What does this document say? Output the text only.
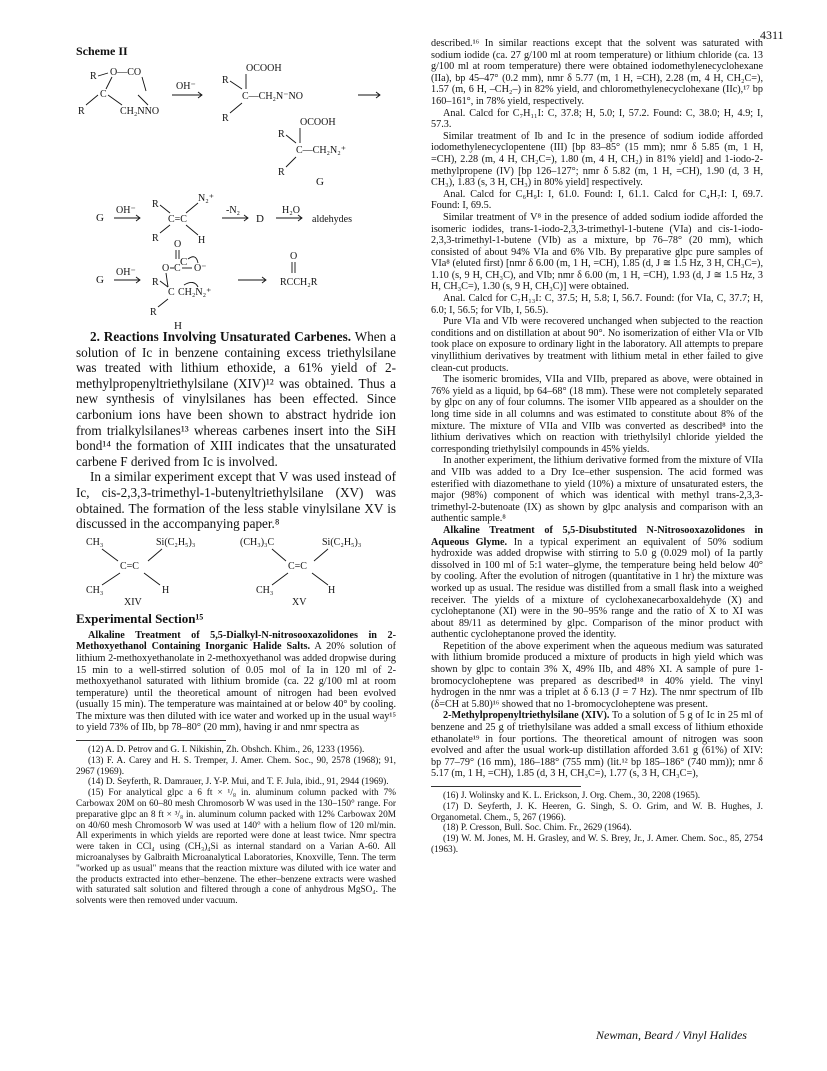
4311
Scheme II
R O—CO
C
R	CH₂NNO
OH⁻
OCOOH
R
C—CH₂N⁻NO
R	OCOOH
R
C—CH₂N₂⁺
R
G
G
OH⁻
R
C=C
N₂⁺
R	H
C
-N₂
D
H₂O
aldehydes
G
OH⁻
O
O C O⁻
R
C CH₂N₂⁺
R
H
O
RCCH₂R

2. Reactions Involving Unsaturated Carbenes. When a solution of Ic in benzene containing excess triethylsilane was treated with lithium ethoxide, a 61% yield of 2-methylpropenyltriethylsilane (XIV)¹² was obtained. Thus a new synthesis of vinylsilanes has been effected. Since carbonium ions have been shown to abstract hydride ion from trialkylsilanes¹³ whereas carbenes insert into the SiH bond¹⁴ the formation of XIII indicates that the unsaturated carbene F derived from Ic is involved.

In a similar experiment except that V was used instead of Ic, cis-2,3,3-trimethyl-1-butenyltriethylsilane (XV) was obtained. The formation of the less stable vinylsilane XV is discussed in the accompanying paper.⁸

CH₃	Si(C₂H₅)₃
C=C
CH₃	H
XIV
(CH₃)₃C	Si(C₂H₅)₃
C=C
CH₃	H
XV
Experimental Section¹⁵

Alkaline Treatment of 5,5-Dialkyl-N-nitrosooxazolidones in 2-Methoxyethanol Containing Inorganic Halide Salts. A 20% solution of lithium 2-methoxyethanolate in 2-methoxyethanol was added dropwise during 15 min to a well-stirred solution of 0.05 mol of Ia in 120 ml of 2-methoxyethanol saturated with lithium bromide (ca. 22 g/100 ml at room temperature) until the theoretical amount of nitrogen had been evolved (usually 15 min). The temperature was maintained at or below 40° by cooling. The mixture was then diluted with ice water and worked up in the usual way¹⁵ to yield 73% of IIb, bp 78–80° (20 mm), having ir and nmr spectra as

(12) A. D. Petrov and G. I. Nikishin, Zh. Obshch. Khim., 26, 1233 (1956).

(13) F. A. Carey and H. S. Tremper, J. Amer. Chem. Soc., 90, 2578 (1968); 91, 2967 (1969).

(14) D. Seyferth, R. Damrauer, J. Y-P. Mui, and T. F. Jula, ibid., 91, 2944 (1969).

(15) For analytical glpc a 6 ft × ¹/₈ in. aluminum column packed with 7% Carbowax 20M on 60–80 mesh Chromosorb W was used in the 130–150° range. For preparative glpc an 8 ft × ³/₈ in. aluminum column packed with 12% Carbowax 20M on 40/60 mesh Chromosorb W was used at 140° with a helium flow of 120 ml/min. All experiments in which yields are reported were done at least twice. Nmr spectra were taken in CCl₄ using (CH₃)₄Si as internal standard on a Varian A-60. All microanalyses by Galbraith Microanalytical Laboratories, Knoxville, Tenn. The term "worked up as usual" means that the reaction mixture was diluted with ice water and the products extracted into ether–benzene. The ether–benzene extracts were washed with saturated salt solution and filtered through a cone of anhydrous MgSO₄. The solvents were then removed under vacuum.

described.¹⁶ In similar reactions except that the solvent was saturated with sodium iodide (ca. 27 g/100 ml at room temperature) or lithium chloride (ca. 13 g/100 ml at room temperature) there were obtained iodomethylenecyclohexane (IIa), bp 45–47° (0.2 mm), nmr δ 5.77 (m, 1 H, =CH), 2.28 (m, 4 H, CH₂C=), 1.57 (m, 6 H, –CH₂–) in 82% yield, and chloromethylenecyclohexane (IIc),¹⁷ bp 160–161°, in 78% yield, respectively.

Anal. Calcd for C₇H₁₁I: C, 37.8; H, 5.0; I, 57.2. Found: C, 38.0; H, 4.9; I, 57.3.

Similar treatment of Ib and Ic in the presence of sodium iodide afforded iodomethylenecyclopentene (III) [bp 83–85° (15 mm); nmr δ 5.85 (m, 1 H, =CH), 2.28 (m, 4 H, CH₂C=), 1.80 (m, 4 H, CH₂) in 81% yield] and 1-iodo-2-methylpropene (IV) [bp 126–127°; nmr δ 5.82 (m, 1 H, =CH), 1.90 (d, 3 H, CH₃), 1.83 (s, 3 H, CH₃) in 80% yield] respectively.

Anal. Calcd for C₆H₉I: I, 61.0. Found: I, 61.1. Calcd for C₄H₇I: I, 69.7. Found: I, 69.5.

Similar treatment of V⁸ in the presence of added sodium iodide afforded the isomeric iodides, trans-1-iodo-2,3,3-trimethyl-1-butene (VIa) and cis-1-iodo-2,3,3-trimethyl-1-butene (VIb) as a mixture, bp 76–78° (20 mm), which consisted of about 94% VIa and 6% VIb. By preparative glpc pure samples of VIa⁸ (eluted first) [nmr δ 6.00 (m, 1 H, =CH), 1.85 (d, J ≅ 1.5 Hz, 3 H, CH₃C=), 1.10 (s, 9 H, CH₃C), and VIb; nmr δ 6.00 (m, 1 H, =CH), 1.93 (d, J ≅ 1.5 Hz, 3 H, CH₃C=), 1.30 (s, 9 H, CH₃C)] were obtained.

Anal. Calcd for C₇H₁₃I: C, 37.5; H, 5.8; I, 56.7. Found: (for VIa, C, 37.7; H, 6.0; I, 56.5; for VIb, I, 56.5).

Pure VIa and VIb were recovered unchanged when subjected to the reaction conditions and on distillation at about 90°. No isomerization of either VIa or VIb took place on exposure to ordinary light in the laboratory. All attempts to prepare vinyllithium derivatives by treatment with lithium metal in ether failed to give clean-cut products.

The isomeric bromides, VIIa and VIIb, prepared as above, were obtained in 76% yield as a liquid, bp 64–68° (18 mm). These were not completely separated by glpc on any of four columns. The isomer VIIb appeared as a shoulder on the long time side in all columns and was estimated to constitute about 8% of the mixture. The mixture of VIIa and VIIb was converted as described⁸ into the lithium derivatives which on reaction with triethylsilyl chloride yielded the corresponding triethylsilyl compounds in 45% yields.

In another experiment, the lithium derivative formed from the mixture of VIIa and VIIb was added to a Dry Ice–ether suspension. The acid formed was esterified with diazomethane to yield (10%) a mixture of unsaturated esters, the major (98%) component of which was identical with methyl trans-2,3,3-trimethyl-2-butenoate (IX) as shown by glpc analysis and comparison with an authentic sample.⁸

Alkaline Treatment of 5,5-Disubstituted N-Nitrosooxazolidones in Aqueous Glyme. In a typical experiment an equivalent of 50% sodium hydroxide was added dropwise with stirring to 5.0 g (0.029 mol) of Ia partly dissolved in 100 ml of 5:1 water–glyme, the temperature being held below 40° by cooling. After the evolution of nitrogen (quantitative in 1 hr) the mixture was worked up as usual. The residue was distilled from a small flask into a weighed receiver. The yields of a mixture of cyclohexanecarboxaldehyde (X) and cycloheptanone (XI) were in the 90–95% range and the ratio of X to XI was about 89/11 as determined by glpc. Comparison of the minor product with authentic cycloheptanone proved the identity.

Repetition of the above experiment when the aqueous medium was saturated with lithium bromide produced a mixture of products in high yield which was shown by glpc to contain 3% X, 49% IIb, and 48% XI. A sample of pure 1-bromocycloheptene was prepared as described¹⁸ in 40% yield. The vinyl hydrogen in the nmr was a triplet at δ 6.13 (J = 7 Hz). The nmr spectrum of IIb (δ=CH at 5.80)¹⁶ showed that no 1-bromocycloheptene was present.

2-Methylpropenyltriethylsilane (XIV). To a solution of 5 g of Ic in 25 ml of benzene and 25 g of triethylsilane was added a small excess of lithium ethoxide ethanolate¹⁹ in four portions. The theoretical amount of nitrogen was soon evolved and after the usual work-up distillation afforded 3.61 g (61%) of XIV: bp 77–79° (16 mm), 186–188° (755 mm) (lit.¹² bp 185–186° (740 mm)); nmr δ 5.17 (m, 1 H, =CH), 1.85 (d, 3 H, CH₃C=), 1.77 (s, 3 H, CH₃C=),

(16) J. Wolinsky and K. L. Erickson, J. Org. Chem., 30, 2208 (1965).

(17) D. Seyferth, J. K. Heeren, G. Singh, S. O. Grim, and W. B. Hughes, J. Organometal. Chem., 5, 267 (1966).

(18) P. Cresson, Bull. Soc. Chim. Fr., 2629 (1964).

(19) W. M. Jones, M. H. Grasley, and W. S. Brey, Jr., J. Amer. Chem. Soc., 85, 2754 (1963).

Newman, Beard / Vinyl Halides
